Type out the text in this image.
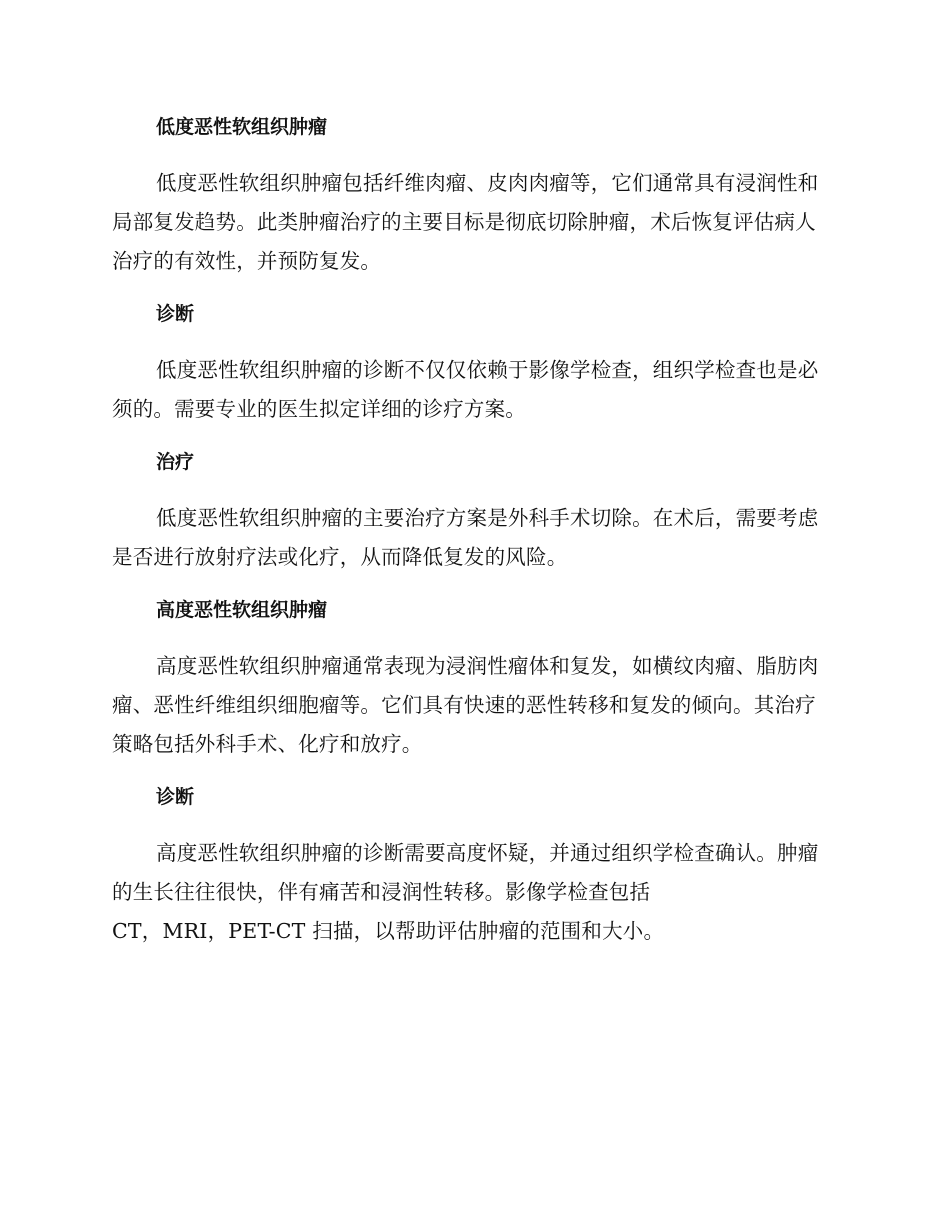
低度恶性软组织肿瘤

低度恶性软组织肿瘤包括纤维肉瘤、皮肉肉瘤等，它们通常具有浸润性和局部复发趋势。此类肿瘤治疗的主要目标是彻底切除肿瘤，术后恢复评估病人治疗的有效性，并预防复发。

诊断

低度恶性软组织肿瘤的诊断不仅仅依赖于影像学检查，组织学检查也是必须的。需要专业的医生拟定详细的诊疗方案。

治疗

低度恶性软组织肿瘤的主要治疗方案是外科手术切除。在术后，需要考虑是否进行放射疗法或化疗，从而降低复发的风险。

高度恶性软组织肿瘤

高度恶性软组织肿瘤通常表现为浸润性瘤体和复发，如横纹肉瘤、脂肪肉瘤、恶性纤维组织细胞瘤等。它们具有快速的恶性转移和复发的倾向。其治疗策略包括外科手术、化疗和放疗。

诊断

高度恶性软组织肿瘤的诊断需要高度怀疑，并通过组织学检查确认。肿瘤的生长往往很快，伴有痛苦和浸润性转移。影像学检查包括

CT，MRI，PET-CT 扫描，以帮助评估肿瘤的范围和大小。
